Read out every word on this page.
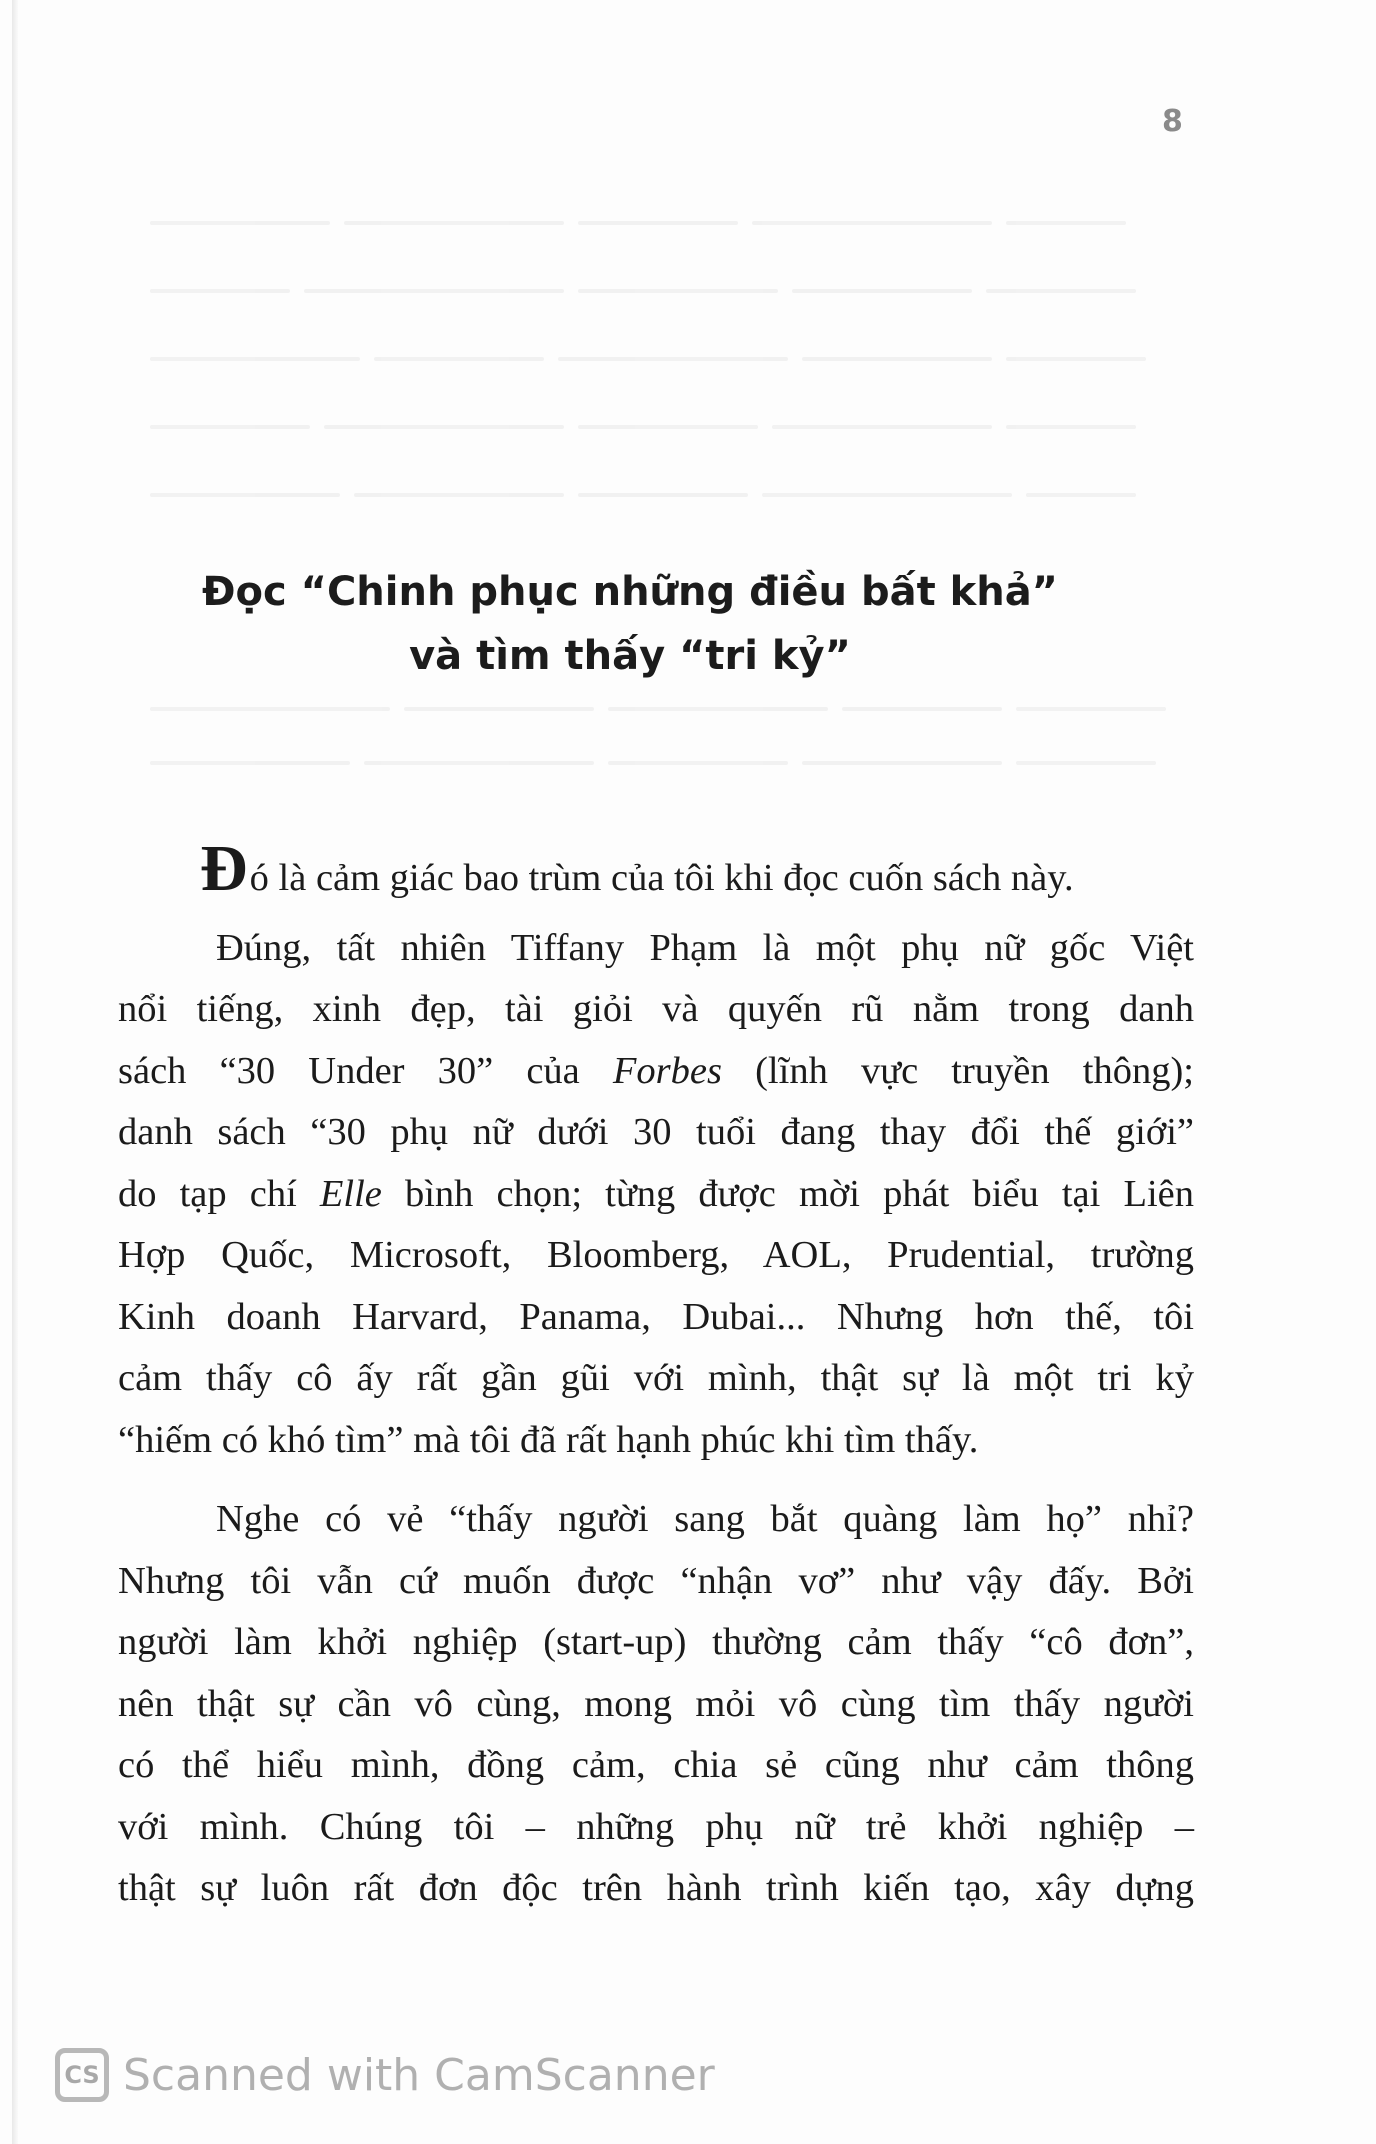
8
Đọc “Chinh phục những điều bất khả”
và tìm thấy “tri kỷ”
Đó là cảm giác bao trùm của tôi khi đọc cuốn sách này.
Đúng, tất nhiên Tiffany Phạm là một phụ nữ gốc Việt
nổi tiếng, xinh đẹp, tài giỏi và quyến rũ nằm trong danh
sách “30 Under 30” của Forbes (lĩnh vực truyền thông);
danh sách “30 phụ nữ dưới 30 tuổi đang thay đổi thế giới”
do tạp chí Elle bình chọn; từng được mời phát biểu tại Liên
Hợp Quốc, Microsoft, Bloomberg, AOL, Prudential, trường
Kinh doanh Harvard, Panama, Dubai... Nhưng hơn thế, tôi
cảm thấy cô ấy rất gần gũi với mình, thật sự là một tri kỷ
“hiếm có khó tìm” mà tôi đã rất hạnh phúc khi tìm thấy.
Nghe có vẻ “thấy người sang bắt quàng làm họ” nhỉ?
Nhưng tôi vẫn cứ muốn được “nhận vơ” như vậy đấy. Bởi
người làm khởi nghiệp (start-up) thường cảm thấy “cô đơn”,
nên thật sự cần vô cùng, mong mỏi vô cùng tìm thấy người
có thể hiểu mình, đồng cảm, chia sẻ cũng như cảm thông
với mình. Chúng tôi – những phụ nữ trẻ khởi nghiệp –
thật sự luôn rất đơn độc trên hành trình kiến tạo, xây dựng
CS Scanned with CamScanner
